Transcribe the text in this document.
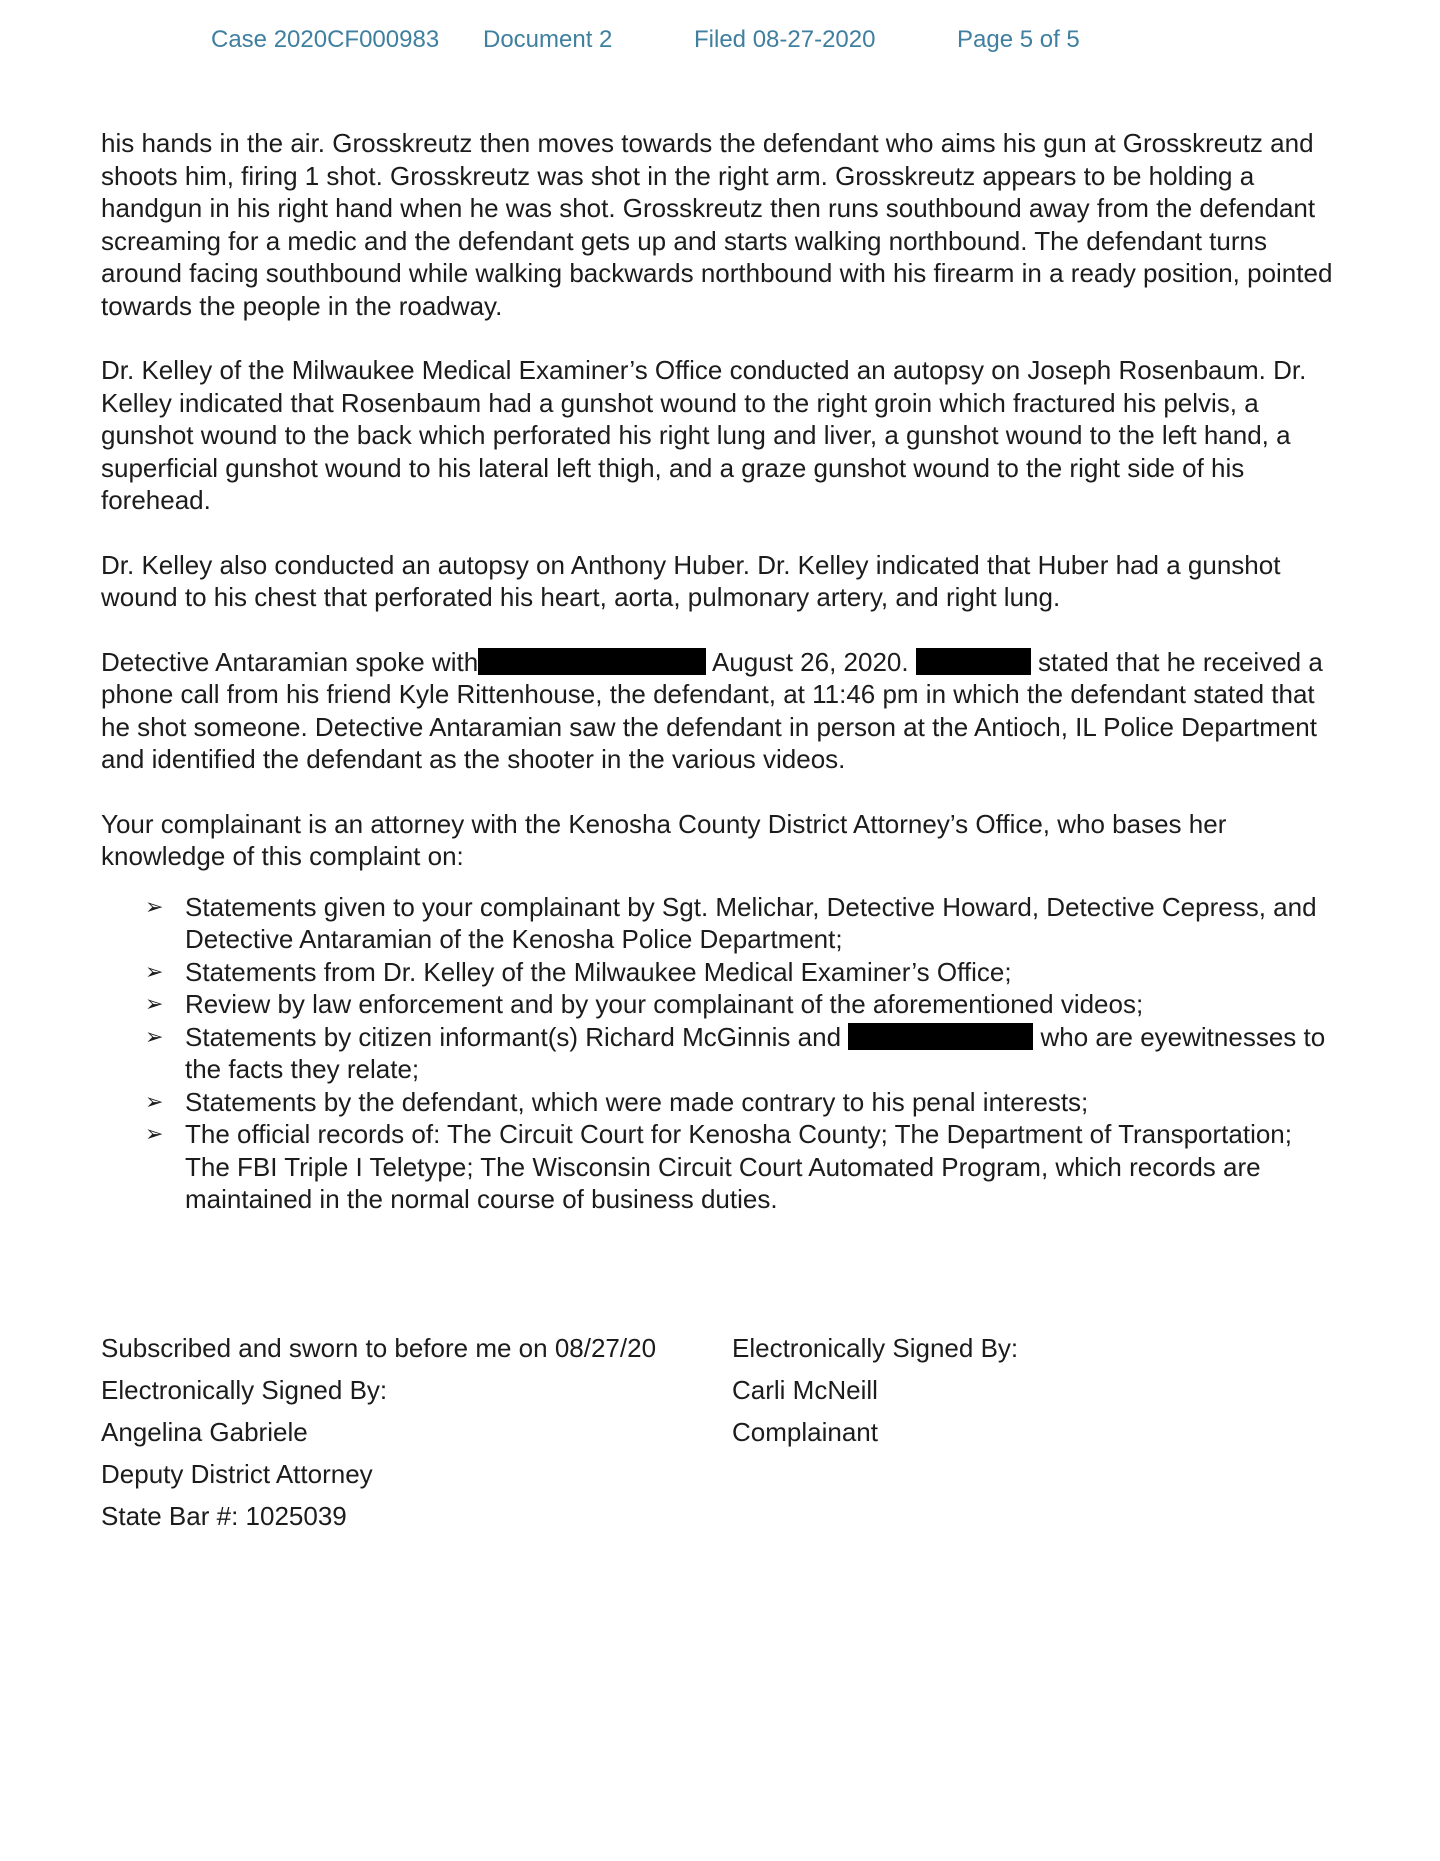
Case 2020CF000983 Document 2	Filed 08-27-2020	Page 5 of 5

his hands in the air. Grosskreutz then moves towards the defendant who aims his gun at Grosskreutz and shoots him, firing 1 shot. Grosskreutz was shot in the right arm. Grosskreutz appears to be holding a handgun in his right hand when he was shot. Grosskreutz then runs southbound away from the defendant screaming for a medic and the defendant gets up and starts walking northbound. The defendant turns around facing southbound while walking backwards northbound with his firearm in a ready position, pointed towards the people in the roadway.

Dr. Kelley of the Milwaukee Medical Examiner’s Office conducted an autopsy on Joseph Rosenbaum. Dr. Kelley indicated that Rosenbaum had a gunshot wound to the right groin which fractured his pelvis, a gunshot wound to the back which perforated his right lung and liver, a gunshot wound to the left hand, a superficial gunshot wound to his lateral left thigh, and a graze gunshot wound to the right side of his forehead.

Dr. Kelley also conducted an autopsy on Anthony Huber. Dr. Kelley indicated that Huber had a gunshot wound to his chest that perforated his heart, aorta, pulmonary artery, and right lung.

Detective Antaramian spoke with	August 26, 2020.	stated that he received a phone call from his friend Kyle Rittenhouse, the defendant, at 11:46 pm in which the defendant stated that he shot someone. Detective Antaramian saw the defendant in person at the Antioch, IL Police Department and identified the defendant as the shooter in the various videos.

Your complainant is an attorney with the Kenosha County District Attorney’s Office, who bases her knowledge of this complaint on:

➢ Statements given to your complainant by Sgt. Melichar, Detective Howard, Detective Cepress, and Detective Antaramian of the Kenosha Police Department;
➢ Statements from Dr. Kelley of the Milwaukee Medical Examiner’s Office;
➢ Review by law enforcement and by your complainant of the aforementioned videos;
➢ Statements by citizen informant(s) Richard McGinnis and	who are eyewitnesses to the facts they relate;
➢ Statements by the defendant, which were made contrary to his penal interests;
➢ The official records of: The Circuit Court for Kenosha County; The Department of Transportation; The FBI Triple I Teletype; The Wisconsin Circuit Court Automated Program, which records are maintained in the normal course of business duties.
Subscribed and sworn to before me on 08/27/20
Electronically Signed By:
Angelina Gabriele
Deputy District Attorney
State Bar #: 1025039
Electronically Signed By:
Carli McNeill
Complainant
